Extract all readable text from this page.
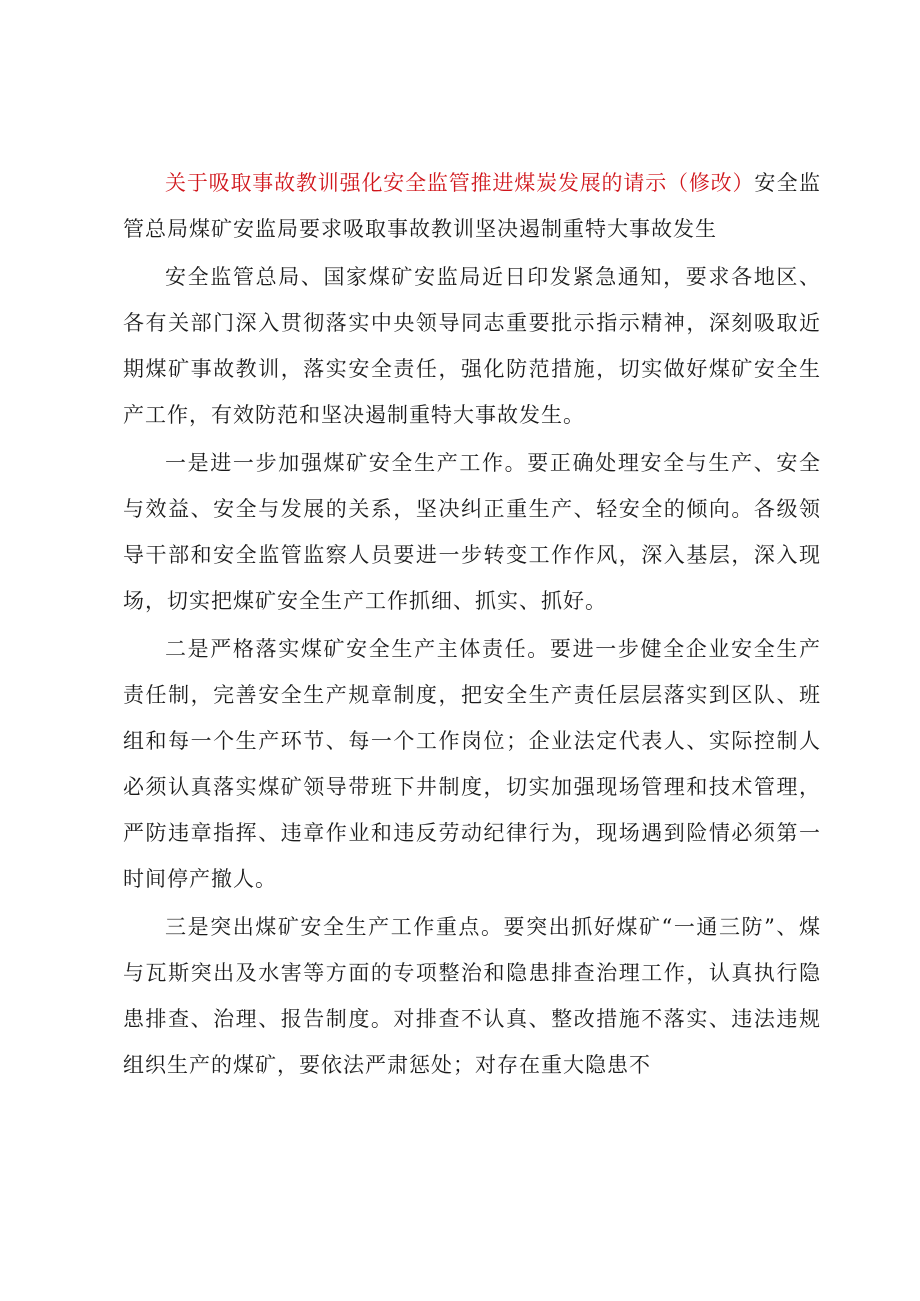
关于吸取事故教训强化安全监管推进煤炭发展的请示（修改）安全监管总局煤矿安监局要求吸取事故教训坚决遏制重特大事故发生

安全监管总局、国家煤矿安监局近日印发紧急通知，要求各地区、各有关部门深入贯彻落实中央领导同志重要批示指示精神，深刻吸取近期煤矿事故教训，落实安全责任，强化防范措施，切实做好煤矿安全生产工作，有效防范和坚决遏制重特大事故发生。

一是进一步加强煤矿安全生产工作。要正确处理安全与生产、安全与效益、安全与发展的关系，坚决纠正重生产、轻安全的倾向。各级领导干部和安全监管监察人员要进一步转变工作作风，深入基层，深入现场，切实把煤矿安全生产工作抓细、抓实、抓好。

二是严格落实煤矿安全生产主体责任。要进一步健全企业安全生产责任制，完善安全生产规章制度，把安全生产责任层层落实到区队、班组和每一个生产环节、每一个工作岗位；企业法定代表人、实际控制人必须认真落实煤矿领导带班下井制度，切实加强现场管理和技术管理，严防违章指挥、违章作业和违反劳动纪律行为，现场遇到险情必须第一时间停产撤人。

三是突出煤矿安全生产工作重点。要突出抓好煤矿“一通三防”、煤与瓦斯突出及水害等方面的专项整治和隐患排查治理工作，认真执行隐患排查、治理、报告制度。对排查不认真、整改措施不落实、违法违规组织生产的煤矿，要依法严肃惩处；对存在重大隐患不
